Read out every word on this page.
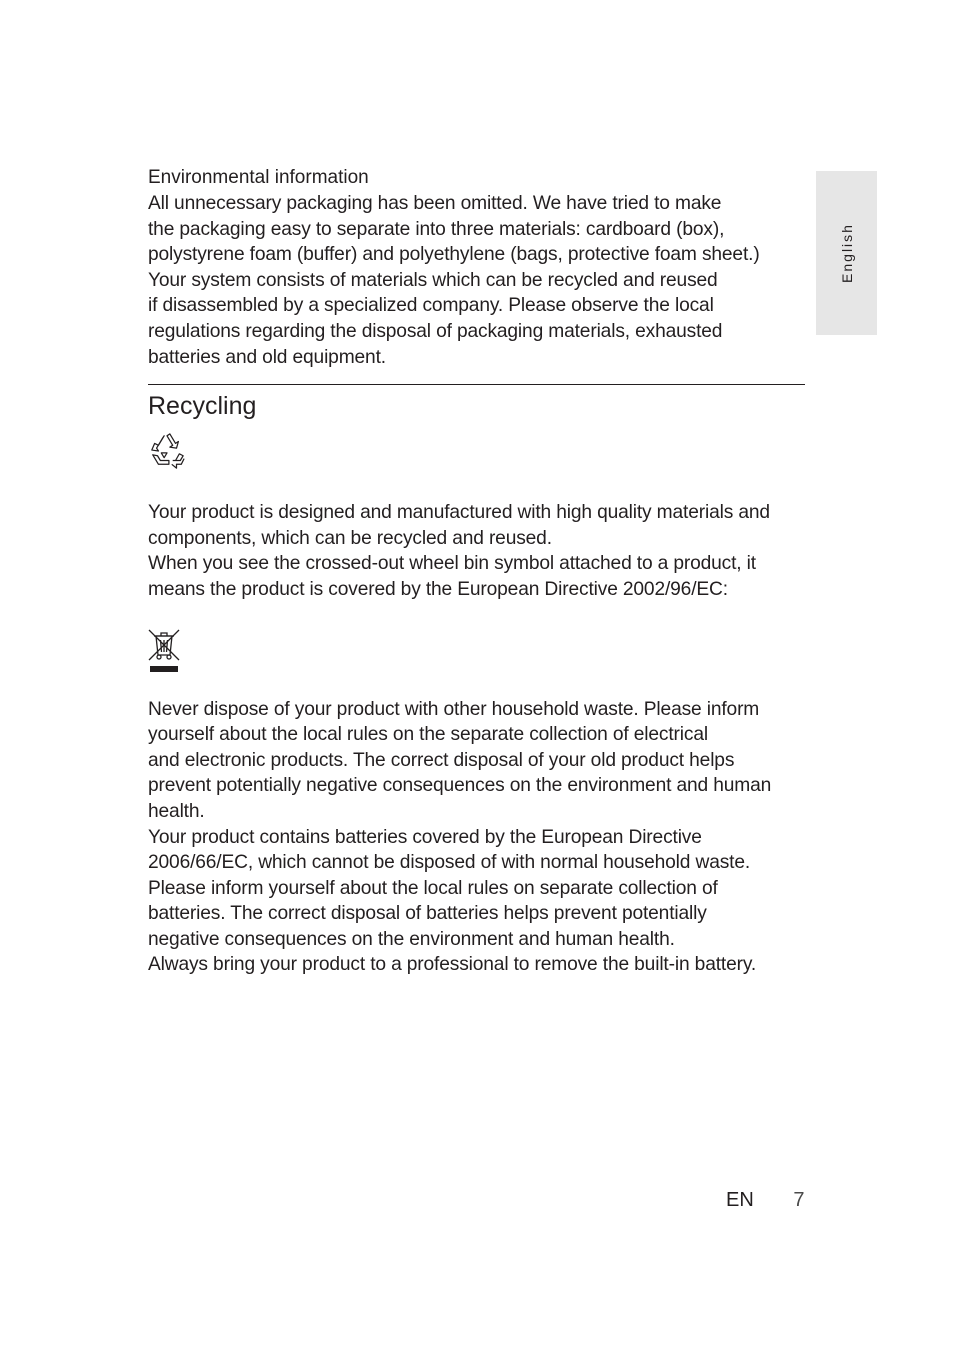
English
Environmental information

All unnecessary packaging has been omitted. We have tried to make
the packaging easy to separate into three materials: cardboard (box),
polystyrene foam (buffer) and polyethylene (bags, protective foam sheet.)
Your system consists of materials which can be recycled and reused
if disassembled by a specialized company. Please observe the local
regulations regarding the disposal of packaging materials, exhausted
batteries and old equipment.

Recycling

Your product is designed and manufactured with high quality materials and
components, which can be recycled and reused.
When you see the crossed-out wheel bin symbol attached to a product, it
means the product is covered by the European Directive 2002/96/EC:

Never dispose of your product with other household waste. Please inform
yourself about the local rules on the separate collection of electrical
and electronic products. The correct disposal of your old product helps
prevent potentially negative consequences on the environment and human
health.
Your product contains batteries covered by the European Directive
2006/66/EC, which cannot be disposed of with normal household waste.
Please inform yourself about the local rules on separate collection of
batteries. The correct disposal of batteries helps prevent potentially
negative consequences on the environment and human health.
Always bring your product to a professional to remove the built-in battery.

EN 7
